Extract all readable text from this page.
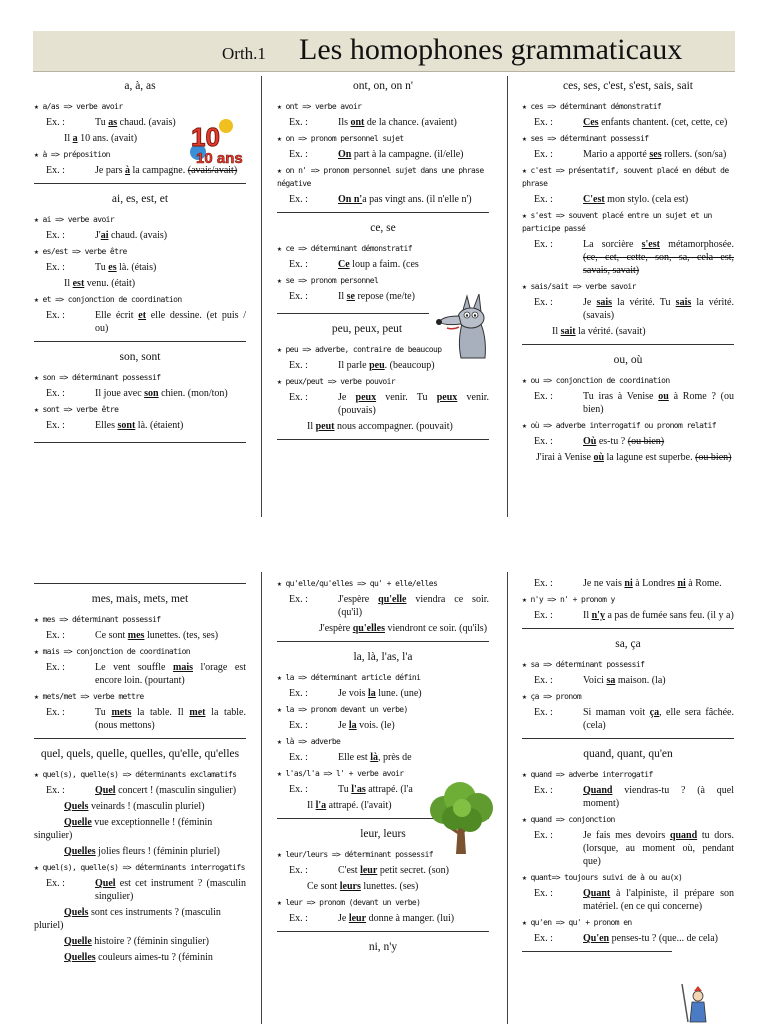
Orth.1 Les homophones grammaticaux
a, à, as
★ a/as => verbe avoir
Ex. :	Tu as chaud. (avais)
Il a 10 ans. (avait)
★ à => préposition
Ex. :	Je pars à la campagne. (avais/avait)
ai, es, est, et
★ ai => verbe avoir
Ex. :	J'ai chaud. (avais)
★ es/est => verbe être
Ex. :	Tu es là. (étais)
Il est venu. (était)
★ et => conjonction de coordination
Ex. :	Elle écrit et elle dessine. (et puis / ou)
son, sont
★ son => déterminant possessif
Ex. :	Il joue avec son chien. (mon/ton)
★ sont => verbe être
Ex. :	Elles sont là. (étaient)
10
10 ans
ont, on, on n'
★ ont => verbe avoir
Ex. :	Ils ont de la chance. (avaient)
★ on => pronom personnel sujet
Ex. :	On part à la campagne. (il/elle)
★ on n' => pronom personnel sujet dans une phrase négative
Ex. :	On n'a pas vingt ans. (il n'elle n')
ce, se
★ ce => déterminant démonstratif
Ex. :	Ce loup a faim. (ces
★ se => pronom personnel
Ex. :	Il se repose (me/te)
peu, peux, peut
★ peu => adverbe, contraire de beaucoup
Ex. :	Il parle peu. (beaucoup)
★ peux/peut => verbe pouvoir
Ex. :	Je peux venir. Tu peux venir. (pouvais)
Il peut nous accompagner. (pouvait)
ces, ses, c'est, s'est, sais, sait
★ ces => déterminant démonstratif
Ex. :	Ces enfants chantent. (cet, cette, ce)
★ ses => déterminant possessif
Ex. :	Mario a apporté ses rollers. (son/sa)
★ c'est => présentatif, souvent placé en début de phrase
Ex. :	C'est mon stylo. (cela est)
★ s'est => souvent placé entre un sujet et un participe passé
Ex. :	La sorcière s'est métamorphosée. (ce, cet, cette, son, sa, cela est, savais, savait)
★ sais/sait => verbe savoir
Ex. :	Je sais la vérité. Tu sais la vérité. (savais)
Il sait la vérité. (savait)
ou, où
★ ou => conjonction de coordination
Ex. :	Tu iras à Venise ou à Rome ? (ou bien)
★ où => adverbe interrogatif ou pronom relatif
Ex. :	Où es-tu ? (ou bien)
J'irai à Venise où la lagune est superbe. (ou bien)
mes, mais, mets, met
★ mes => déterminant possessif
Ex. :	Ce sont mes lunettes. (tes, ses)
★ mais => conjonction de coordination
Ex. :	Le vent souffle mais l'orage est encore loin. (pourtant)
★ mets/met => verbe mettre
Ex. :	Tu mets la table. Il met la table. (nous mettons)
quel, quels, quelle, quelles, qu'elle, qu'elles
★ quel(s), quelle(s) => déterminants exclamatifs
Ex. :	Quel concert ! (masculin singulier)
Quels veinards ! (masculin pluriel)
Quelle vue exceptionnelle ! (féminin singulier)
Quelles jolies fleurs ! (féminin pluriel)
★ quel(s), quelle(s) => déterminants interrogatifs
Ex. :	Quel est cet instrument ? (masculin singulier)
Quels sont ces instruments ? (masculin pluriel)
Quelle histoire ? (féminin singulier)
Quelles couleurs aimes-tu ? (féminin
★ qu'elle/qu'elles => qu' + elle/elles
Ex. :	J'espère qu'elle viendra ce soir. (qu'il)
J'espère qu'elles viendront ce soir. (qu'ils)
la, là, l'as, l'a
★ la => déterminant article défini
Ex. :	Je vois la lune. (une)
★ la => pronom devant un verbe)
Ex. :	Je la vois. (le)
★ là => adverbe
Ex. :	Elle est là, près de
★ l'as/l'a => l' + verbe avoir
Ex. :	Tu l'as attrapé. (l'a
Il l'a attrapé. (l'avait)
leur, leurs
★ leur/leurs => déterminant possessif
Ex. :	C'est leur petit secret. (son)
Ce sont leurs lunettes. (ses)
★ leur => pronom (devant un verbe)
Ex. :	Je leur donne à manger. (lui)
ni, n'y
Ex. :	Je ne vais ni à Londres ni à Rome.
★ n'y => n' + pronom y
Ex. :	Il n'y a pas de fumée sans feu. (il y a)
sa, ça
★ sa => déterminant possessif
Ex. :	Voici sa maison. (la)
★ ça => pronom
Ex. :	Si maman voit ça, elle sera fâchée. (cela)
quand, quant, qu'en
★ quand => adverbe interrogatif
Ex. :	Quand viendras-tu ? (à quel moment)
★ quand => conjonction
Ex. :	Je fais mes devoirs quand tu dors. (lorsque, au moment où, pendant que)
★ quant=> toujours suivi de à ou au(x)
Ex. :	Quant à l'alpiniste, il prépare son matériel. (en ce qui concerne)
★ qu'en => qu' + pronom en
Ex. :	Qu'en penses-tu ? (que... de cela)
